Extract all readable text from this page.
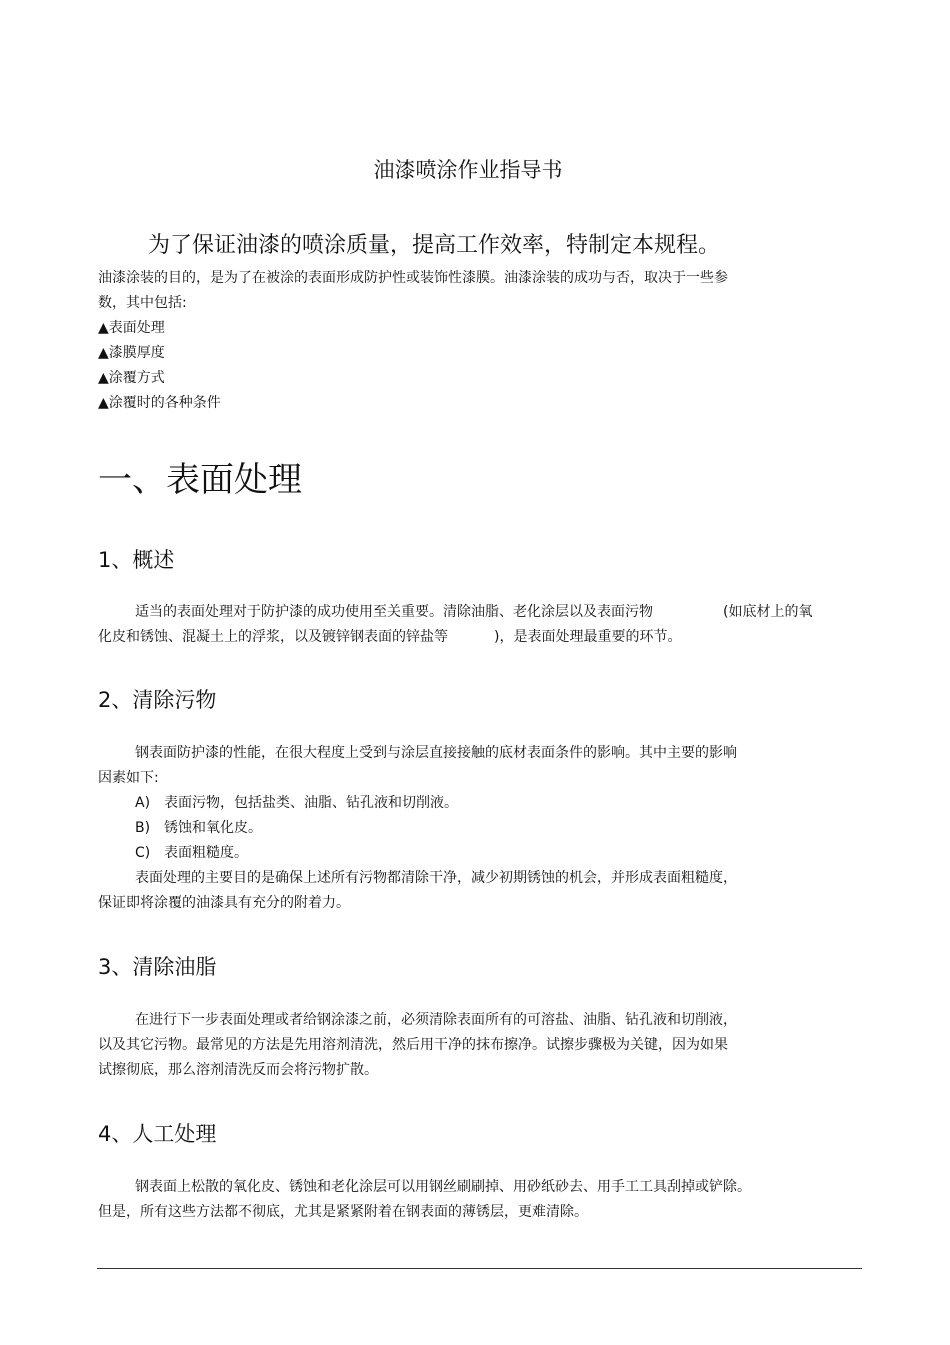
油漆喷涂作业指导书
为了保证油漆的喷涂质量，提高工作效率，特制定本规程。
油漆涂装的目的，是为了在被涂的表面形成防护性或装饰性漆膜。油漆涂装的成功与否，取决于一些参
数，其中包括:
▲表面处理
▲漆膜厚度
▲涂覆方式
▲涂覆时的各种条件
一、表面处理
1、概述
适当的表面处理对于防护漆的成功使用至关重要。清除油脂、老化涂层以及表面污物	(如底材上的氧
化皮和锈蚀、混凝土上的浮浆，以及镀锌钢表面的锌盐等	)，是表面处理最重要的环节。
2、清除污物
钢表面防护漆的性能，在很大程度上受到与涂层直接接触的底材表面条件的影响。其中主要的影响
因素如下:
A) 表面污物，包括盐类、油脂、钻孔液和切削液。
B) 锈蚀和氧化皮。
C) 表面粗糙度。
表面处理的主要目的是确保上述所有污物都清除干净，减少初期锈蚀的机会，并形成表面粗糙度，
保证即将涂覆的油漆具有充分的附着力。
3、清除油脂
在进行下一步表面处理或者给钢涂漆之前，必须清除表面所有的可溶盐、油脂、钻孔液和切削液，
以及其它污物。最常见的方法是先用溶剂清洗，然后用干净的抹布擦净。试擦步骤极为关键，因为如果
试擦彻底，那么溶剂清洗反而会将污物扩散。
4、人工处理
钢表面上松散的氧化皮、锈蚀和老化涂层可以用钢丝刷刷掉、用砂纸砂去、用手工工具刮掉或铲除。
但是，所有这些方法都不彻底，尤其是紧紧附着在钢表面的薄锈层，更难清除。
